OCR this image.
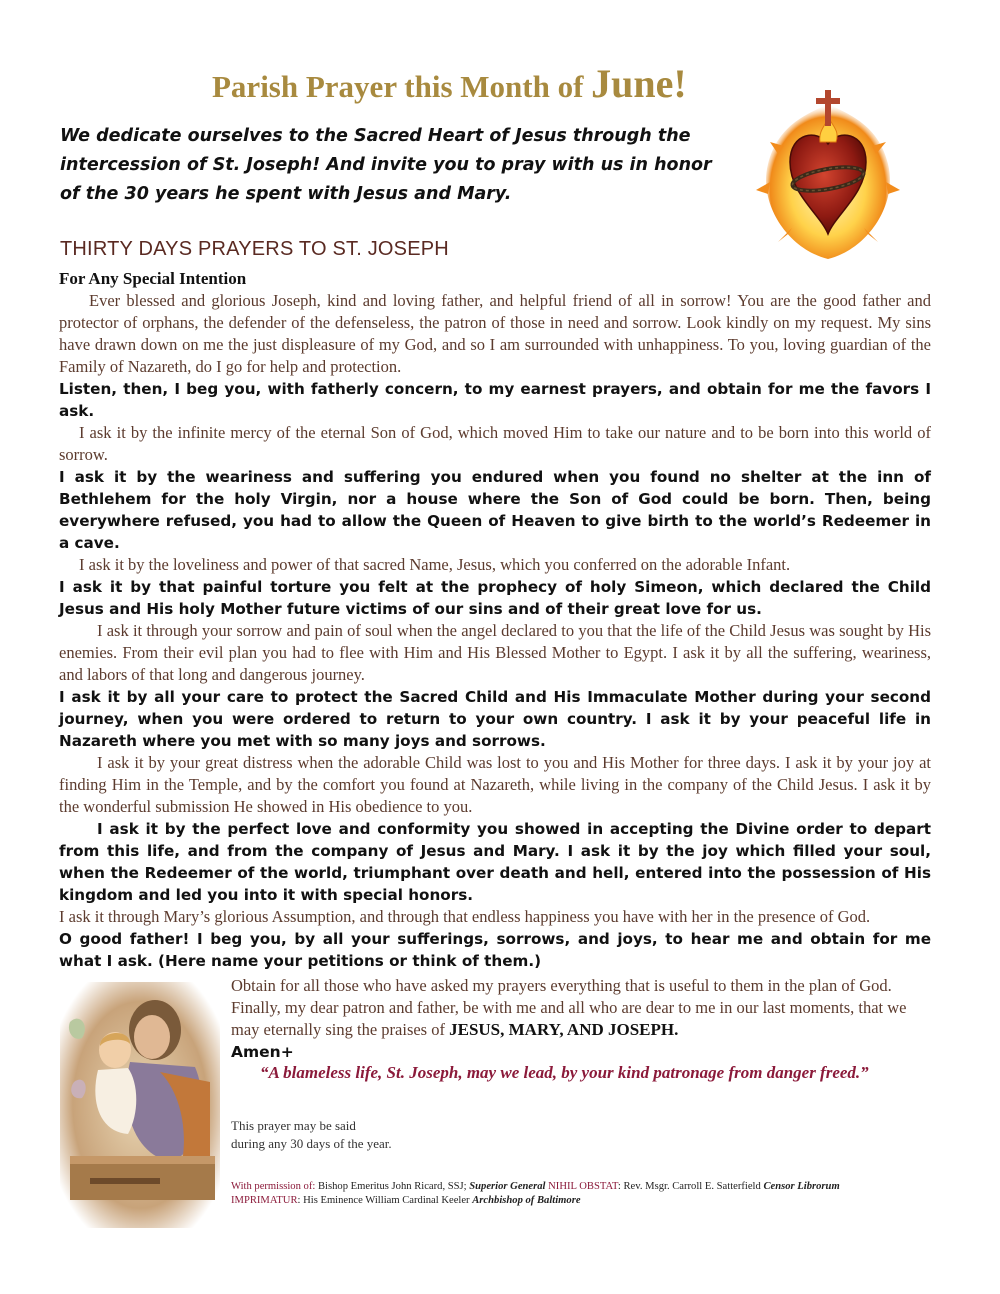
Parish Prayer this Month of June!
We dedicate ourselves to the Sacred Heart of Jesus through the
intercession of St. Joseph! And invite you to pray with us in honor
of the 30 years he spent with Jesus and Mary.
THIRTY DAYS PRAYERS TO ST. JOSEPH

For Any Special Intention

Ever blessed and glorious Joseph, kind and loving father, and helpful friend of all in sorrow! You are the good father and protector of orphans, the defender of the defenseless, the patron of those in need and sorrow. Look kindly on my request. My sins have drawn down on me the just displeasure of my God, and so I am surrounded with unhappiness. To you, loving guardian of the Family of Nazareth, do I go for help and protection.

Listen, then, I beg you, with fatherly concern, to my earnest prayers, and obtain for me the favors I ask.

I ask it by the infinite mercy of the eternal Son of God, which moved Him to take our nature and to be born into this world of sorrow.

I ask it by the weariness and suffering you endured when you found no shelter at the inn of Bethlehem for the holy Virgin, nor a house where the Son of God could be born. Then, being everywhere refused, you had to allow the Queen of Heaven to give birth to the world’s Redeemer in a cave.

I ask it by the loveliness and power of that sacred Name, Jesus, which you conferred on the adorable Infant.

I ask it by that painful torture you felt at the prophecy of holy Simeon, which declared the Child Jesus and His holy Mother future victims of our sins and of their great love for us.

I ask it through your sorrow and pain of soul when the angel declared to you that the life of the Child Jesus was sought by His enemies. From their evil plan you had to flee with Him and His Blessed Mother to Egypt. I ask it by all the suffering, weariness, and labors of that long and dangerous journey.

I ask it by all your care to protect the Sacred Child and His Immaculate Mother during your second journey, when you were ordered to return to your own country. I ask it by your peaceful life in Nazareth where you met with so many joys and sorrows.

I ask it by your great distress when the adorable Child was lost to you and His Mother for three days. I ask it by your joy at finding Him in the Temple, and by the comfort you found at Nazareth, while living in the company of the Child Jesus. I ask it by the wonderful submission He showed in His obedience to you.

I ask it by the perfect love and conformity you showed in accepting the Divine order to depart from this life, and from the company of Jesus and Mary. I ask it by the joy which filled your soul, when the Redeemer of the world, triumphant over death and hell, entered into the possession of His kingdom and led you into it with special honors.

I ask it through Mary’s glorious Assumption, and through that endless happiness you have with her in the presence of God.

O good father! I beg you, by all your sufferings, sorrows, and joys, to hear me and obtain for me what I ask. (Here name your petitions or think of them.)

Obtain for all those who have asked my prayers everything that is useful to them in the plan of God. Finally, my dear patron and father, be with me and all who are dear to me in our last moments, that we may eternally sing the praises of JESUS, MARY, AND JOSEPH.

Amen+

“A blameless life, St. Joseph, may we lead, by your kind patronage from danger freed.”
This prayer may be said
during any 30 days of the year.
With permission of: Bishop Emeritus John Ricard, SSJ; Superior General NIHIL OBSTAT: Rev. Msgr. Carroll E. Satterfield Censor Librorum IMPRIMATUR: His Eminence William Cardinal Keeler Archbishop of Baltimore
